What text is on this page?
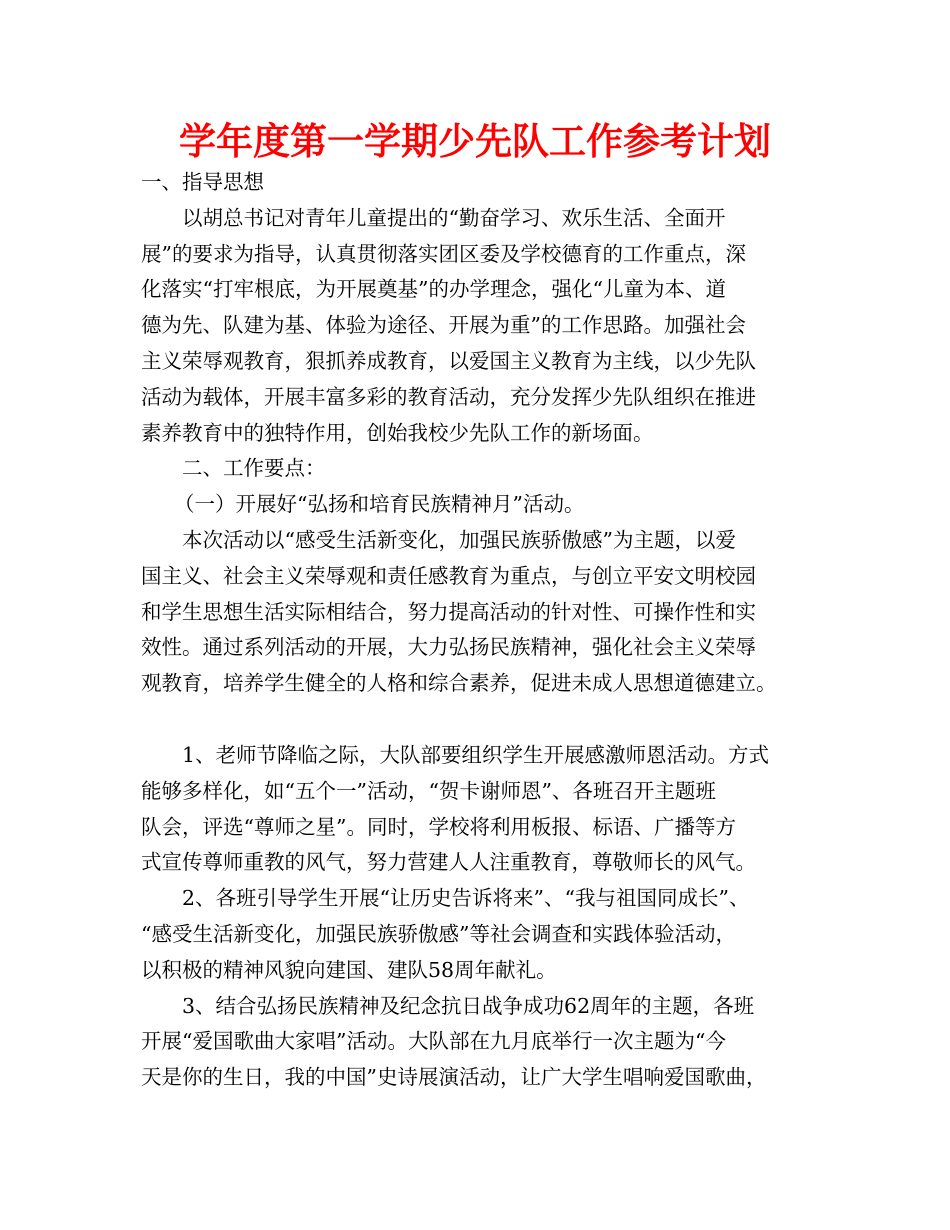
学年度第一学期少先队工作参考计划
一、指导思想
以胡总书记对青年儿童提出的“勤奋学习、欢乐生活、全面开
展”的要求为指导，认真贯彻落实团区委及学校德育的工作重点，深
化落实“打牢根底，为开展奠基”的办学理念，强化“儿童为本、道
德为先、队建为基、体验为途径、开展为重”的工作思路。加强社会
主义荣辱观教育，狠抓养成教育，以爱国主义教育为主线，以少先队
活动为载体，开展丰富多彩的教育活动，充分发挥少先队组织在推进
素养教育中的独特作用，创始我校少先队工作的新场面。
二、工作要点：
（一）开展好“弘扬和培育民族精神月”活动。
本次活动以“感受生活新变化，加强民族骄傲感”为主题，以爱
国主义、社会主义荣辱观和责任感教育为重点，与创立平安文明校园
和学生思想生活实际相结合，努力提高活动的针对性、可操作性和实
效性。通过系列活动的开展，大力弘扬民族精神，强化社会主义荣辱
观教育，培养学生健全的人格和综合素养，促进未成人思想道德建立。
1、老师节降临之际，大队部要组织学生开展感激师恩活动。方式
能够多样化，如“五个一”活动，“贺卡谢师恩”、各班召开主题班
队会，评选“尊师之星”。同时，学校将利用板报、标语、广播等方
式宣传尊师重教的风气，努力营建人人注重教育，尊敬师长的风气。
2、各班引导学生开展“让历史告诉将来”、“我与祖国同成长”、
“感受生活新变化，加强民族骄傲感”等社会调查和实践体验活动，
以积极的精神风貌向建国、建队58周年献礼。
3、结合弘扬民族精神及纪念抗日战争成功62周年的主题，各班
开展“爱国歌曲大家唱”活动。大队部在九月底举行一次主题为“今
天是你的生日，我的中国”史诗展演活动，让广大学生唱响爱国歌曲，
